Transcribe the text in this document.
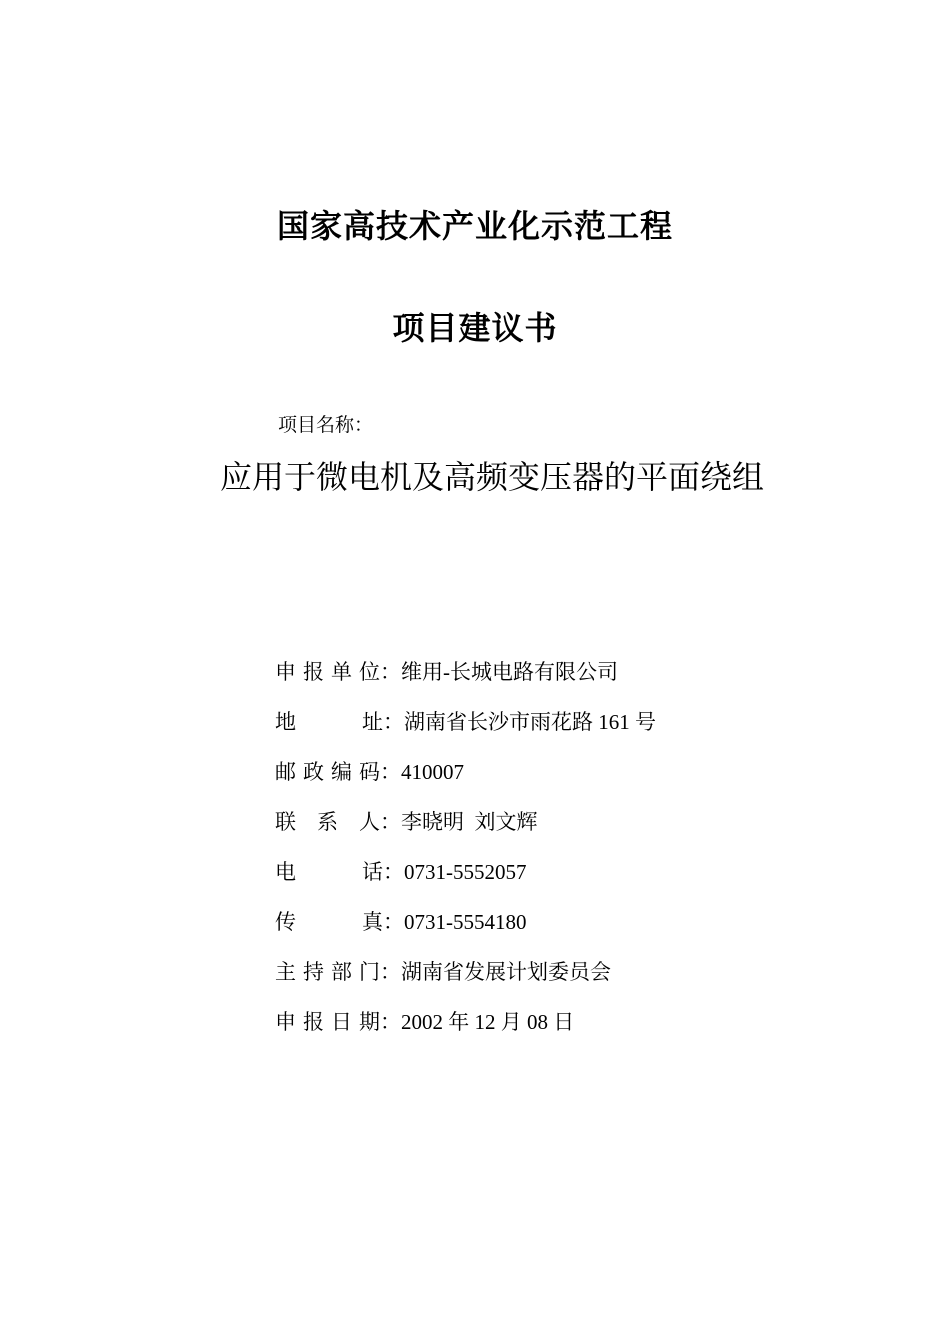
国家高技术产业化示范工程
项目建议书
项目名称：
应用于微电机及高频变压器的平面绕组
申 报 单 位 ： 维用-长城电路有限公司
地	址 ： 湖南省长沙市雨花路 161 号
邮 政 编 码 ： 410007
联 系 人 ： 李晓明  刘文辉
电	话 ： 0731-5552057
传	真 ： 0731-5554180
主 持 部 门 ： 湖南省发展计划委员会
申 报 日 期 ： 2002 年 12 月 08 日
